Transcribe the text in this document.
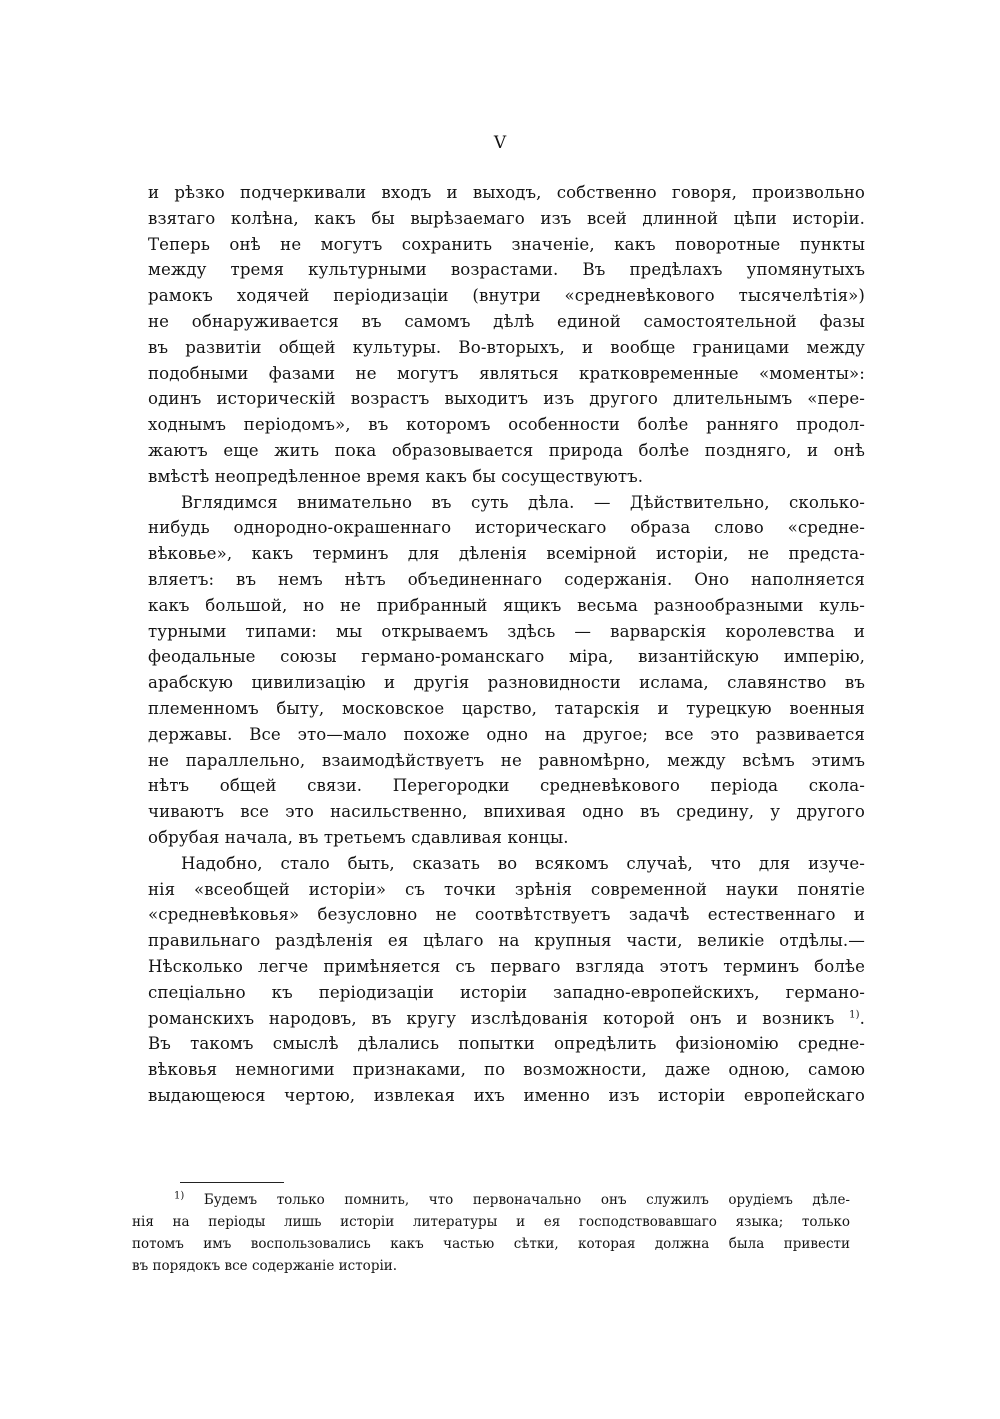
V
и рѣзко подчеркивали входъ и выходъ, собственно говоря, произвольно
взятаго колѣна, какъ бы вырѣзаемаго изъ всей длинной цѣпи исторіи.
Теперь онѣ не могутъ сохранить значеніе, какъ поворотные пункты
между тремя культурными возрастами. Въ предѣлахъ упомянутыхъ
рамокъ ходячей періодизаціи (внутри «средневѣкового тысячелѣтія»)
не обнаруживается въ самомъ дѣлѣ единой самостоятельной фазы
въ развитіи общей культуры. Во-вторыхъ, и вообще границами между
подобными фазами не могутъ являться кратковременные «моменты»:
одинъ историческій возрастъ выходитъ изъ другого длительнымъ «пере-
ходнымъ періодомъ», въ которомъ особенности болѣе ранняго продол-
жаютъ еще жить пока образовывается природа болѣе поздняго, и онѣ
вмѣстѣ неопредѣленное время какъ бы сосуществуютъ.
Вглядимся внимательно въ суть дѣла. — Дѣйствительно, сколько-
нибудь однородно-окрашеннаго историческаго образа слово «средне-
вѣковье», какъ терминъ для дѣленія всемірной исторіи, не предста-
вляетъ: въ немъ нѣтъ объединеннаго содержанія. Оно наполняется
какъ большой, но не прибранный ящикъ весьма разнообразными куль-
турными типами: мы открываемъ здѣсь — варварскія королевства и
феодальные союзы германо-романскаго міра, византійскую имперію,
арабскую цивилизацію и другія разновидности ислама, славянство въ
племенномъ быту, московское царство, татарскія и турецкую военныя
державы. Все это—мало похоже одно на другое; все это развивается
не параллельно, взаимодѣйствуетъ не равномѣрно, между всѣмъ этимъ
нѣтъ общей связи. Перегородки средневѣкового періода скола-
чиваютъ все это насильственно, впихивая одно въ средину, у другого
обрубая начала, въ третьемъ сдавливая концы.
Надобно, стало быть, сказать во всякомъ случаѣ, что для изуче-
нія «всеобщей исторіи» съ точки зрѣнія современной науки понятіе
«средневѣковья» безусловно не соотвѣтствуетъ задачѣ естественнаго и
правильнаго раздѣленія ея цѣлаго на крупныя части, великіе отдѣлы.—
Нѣсколько легче примѣняется съ перваго взгляда этотъ терминъ болѣе
спеціально къ періодизаціи исторіи западно-европейскихъ, германо-
романскихъ народовъ, въ кругу изслѣдованія которой онъ и возникъ $^{1)}$.
Въ такомъ смыслѣ дѣлались попытки опредѣлить физіономію средне-
вѣковья немногими признаками, по возможности, даже одною, самою
выдающеюся чертою, извлекая ихъ именно изъ исторіи европейскаго
$^{1)}$ Будемъ только помнить, что первоначально онъ служилъ орудіемъ дѣле-
нія на періоды лишь исторіи литературы и ея господствовавшаго языка; только
потомъ имъ воспользовались какъ частью сѣтки, которая должна была привести
въ порядокъ все содержаніе исторіи.
